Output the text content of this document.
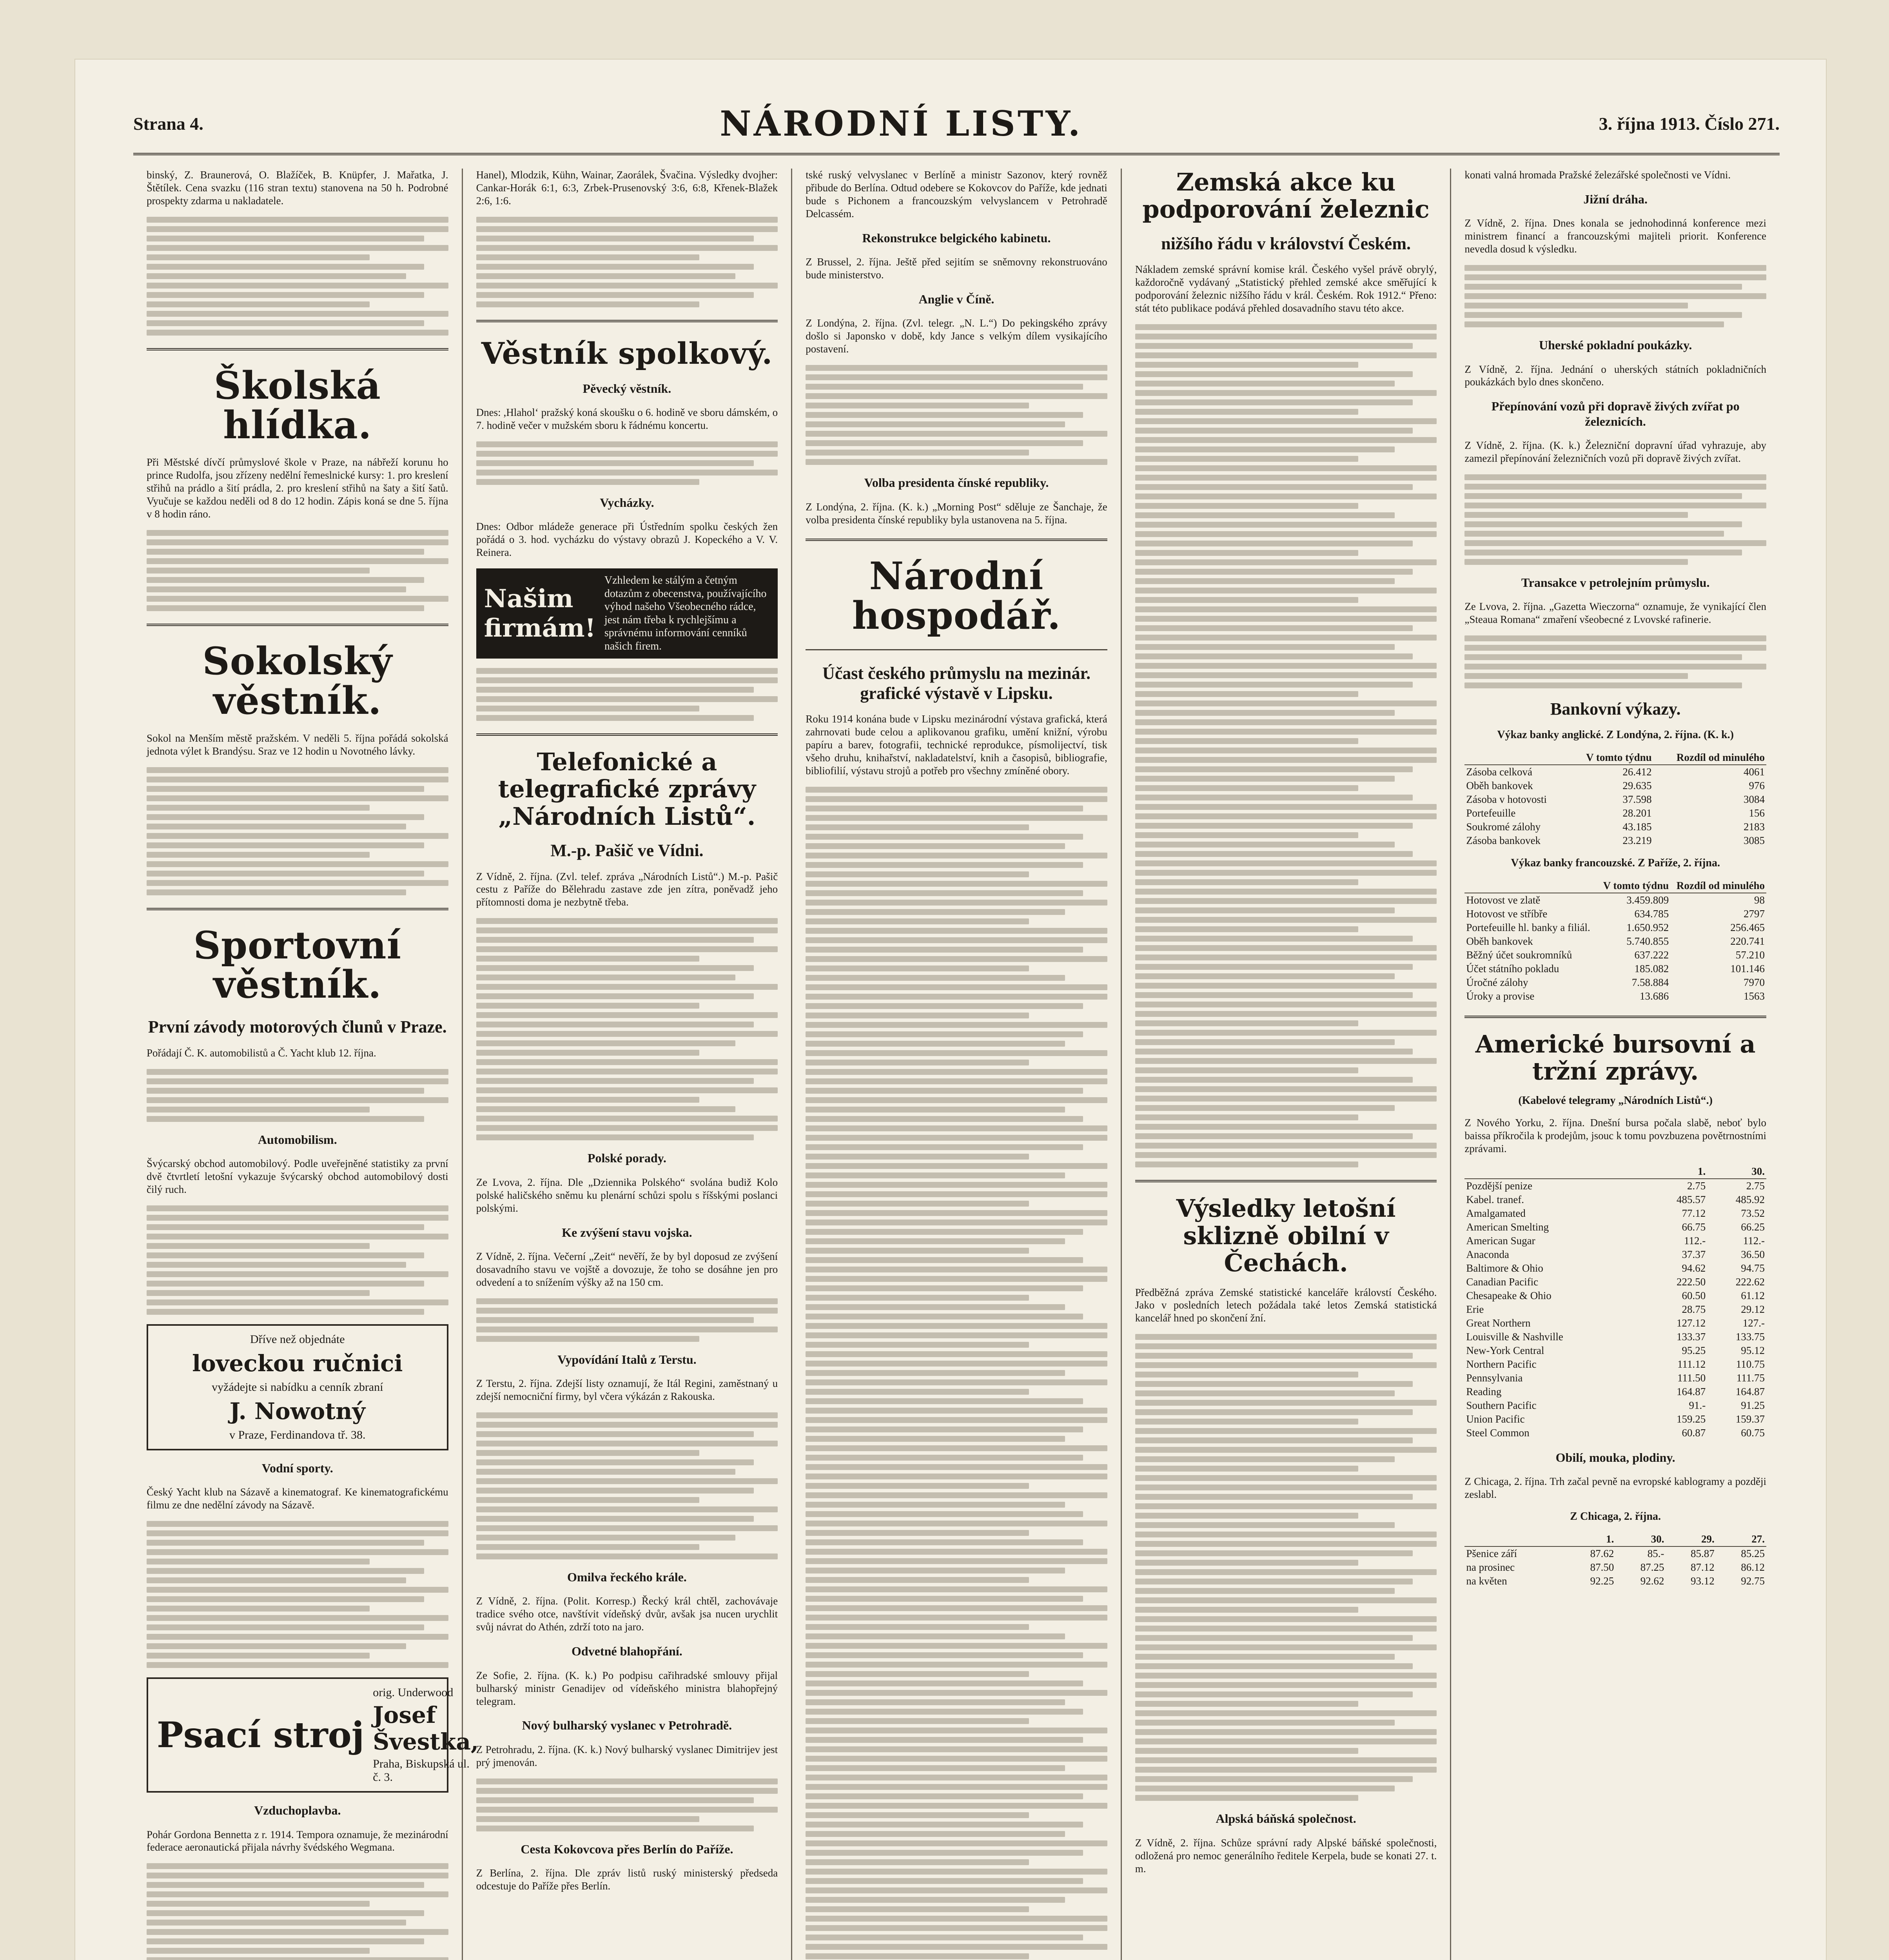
Strana 4.	NÁRODNÍ LISTY.	3. října 1913. Číslo 271.

binský, Z. Braunerová, O. Blažíček, B. Knüpfer, J. Mařatka, J. Štětílek. Cena svazku (116 stran textu) stanovena na 50 h. Podrobné prospekty zdarma u nakladatele.

Školská hlídka.

Při Městské dívčí průmyslové škole v Praze, na nábřeží korunu ho prince Rudolfa, jsou zřízeny nedělní řemeslnické kursy: 1. pro kreslení střihů na prádlo a šití prádla, 2. pro kreslení střihů na šaty a šití šatů. Vyučuje se každou neděli od 8 do 12 hodin. Zápis koná se dne 5. října v 8 hodin ráno.

Sokolský věstník.

Sokol na Menším městě pražském. V neděli 5. října pořádá sokolská jednota výlet k Brandýsu. Sraz ve 12 hodin u Novotného lávky.

Sportovní věstník.
První závody motorových člunů v Praze.

Pořádají Č. K. automobilistů a Č. Yacht klub 12. října.

Automobilism.

Švýcarský obchod automobilový. Podle uveřejněné statistiky za první dvě čtvrtletí letošní vykazuje švýcarský obchod automobilový dosti čilý ruch.

Dříve než objednáte
loveckou ručnici
vyžádejte si nabídku a cenník zbraní
J. Nowotný
v Praze, Ferdinandova tř. 38.
Vodní sporty.

Český Yacht klub na Sázavě a kinematograf. Ke kinematografickému filmu ze dne nedělní závody na Sázavě.

Psací stroj
orig. Underwood
Josef Švestka,
Praha, Biskupská ul. č. 3.
Vzduchoplavba.

Pohár Gordona Bennetta z r. 1914. Tempora oznamuje, že mezinárodní federace aeronautická přijala návrhy švédského Wegmana.

Hanel), Mlodzik, Kühn, Wainar, Zaorálek, Švačina. Výsledky dvojher: Cankar-Horák 6:1, 6:3, Zrbek-Prusenovský 3:6, 6:8, Křenek-Blažek 2:6, 1:6.

Věstník spolkový.
Pěvecký věstník.

Dnes: ,Hlahol‘ pražský koná skoušku o 6. hodině ve sboru dámském, o 7. hodině večer v mužském sboru k řádnému koncertu.

Vycházky.

Dnes: Odbor mládeže generace při Ústředním spolku českých žen pořádá o 3. hod. vycházku do výstavy obrazů J. Kopeckého a V. V. Reinera.

Našim firmám!
Vzhledem ke stálým a četným dotazům z obecenstva, používajícího výhod našeho Všeobecného rádce, jest nám třeba k rychlejšímu a správnému informování cenníků našich firem.
Telefonické a telegrafické zprávy „Národních Listů“.
M.-p. Pašič ve Vídni.

Z Vídně, 2. října. (Zvl. telef. zpráva „Národních Listů“.) M.-p. Pašič cestu z Paříže do Bělehradu zastave zde jen zítra, poněvadž jeho přítomnosti doma je nezbytně třeba.

Polské porady.

Ze Lvova, 2. října. Dle „Dziennika Polského“ svolána budiž Kolo polské haličského sněmu ku plenární schůzi spolu s říšskými poslanci polskými.

Ke zvýšení stavu vojska.

Z Vídně, 2. října. Večerní „Zeit“ nevěří, že by byl doposud ze zvýšení dosavadního stavu ve vojště a dovozuje, že toho se dosáhne jen pro odvedení a to snížením výšky až na 150 cm.

Vypovídání Italů z Terstu.

Z Terstu, 2. října. Zdejší listy oznamují, že Itál Regini, zaměstnaný u zdejší nemocniční firmy, byl včera výkázán z Rakouska.

Omilva řeckého krále.

Z Vídně, 2. října. (Polit. Korresp.) Řecký král chtěl, zachovávaje tradice svého otce, navštívit vídeňský dvůr, avšak jsa nucen urychlit svůj návrat do Athén, zdrží toto na jaro.

Odvetné blahopřání.

Ze Sofie, 2. října. (K. k.) Po podpisu cařihradské smlouvy přijal bulharský ministr Genadijev od vídeňského ministra blahopřejný telegram.

Nový bulharský vyslanec v Petrohradě.

Z Petrohradu, 2. října. (K. k.) Nový bulharský vyslanec Dimitrijev jest prý jmenován.

Cesta Kokovcova přes Berlín do Paříže.

Z Berlína, 2. října. Dle zpráv listů ruský ministerský předseda odcestuje do Paříže přes Berlín.

tské ruský velvyslanec v Berlíně a ministr Sazonov, který rovněž přibude do Berlína. Odtud odebere se Kokovcov do Paříže, kde jednati bude s Pichonem a francouzským velvyslancem v Petrohradě Delcassém.

Rekonstrukce belgického kabinetu.

Z Brussel, 2. října. Ještě před sejitím se sněmovny rekonstruováno bude ministerstvo.

Anglie v Číně.

Z Londýna, 2. října. (Zvl. telegr. „N. L.“) Do pekingského zprávy došlo si Japonsko v době, kdy Jance s velkým dílem vysikajícího postavení.

Volba presidenta čínské republiky.

Z Londýna, 2. října. (K. k.) „Morning Post“ sděluje ze Šanchaje, že volba presidenta čínské republiky byla ustanovena na 5. října.

Národní hospodář.
Účast českého průmyslu na mezinár. grafické výstavě v Lipsku.

Roku 1914 konána bude v Lipsku mezinárodní výstava grafická, která zahrnovati bude celou a aplikovanou grafiku, umění knižní, výrobu papíru a barev, fotografii, technické reprodukce, písmolijectví, tisk všeho druhu, knihařství, nakladatelství, knih a časopisů, bibliografie, bibliofilií, výstavu strojů a potřeb pro všechny zmíněné obory.

Zemská akce ku podporování železnic
nižšího řádu v království Českém.

Nákladem zemské správní komise král. Českého vyšel právě obrylý, každoročně vydávaný „Statistický přehled zemské akce směřující k podporování železnic nižšího řádu v král. Českém. Rok 1912.“ Přeno: stát této publikace podává přehled dosavadního stavu této akce.

Výsledky letošní sklizně obilní v Čechách.

Předběžná zpráva Zemské statistické kanceláře královstí Českého. Jako v posledních letech požádala také letos Zemská statistická kancelář hned po skončení žní.

Alpská báňská společnost.

Z Vídně, 2. října. Schůze správní rady Alpské báňské společnosti, odložená pro nemoc generálního ředitele Kerpela, bude se konati 27. t. m.

konati valná hromada Pražské železářské společnosti ve Vídni.

Jižní dráha.

Z Vídně, 2. října. Dnes konala se jednohodinná konference mezi ministrem financí a francouzskými majiteli priorit. Konference nevedla dosud k výsledku.

Uherské pokladní poukázky.

Z Vídně, 2. října. Jednání o uherských státních pokladničních poukázkách bylo dnes skončeno.

Přepínování vozů při dopravě živých zvířat po železnicích.

Z Vídně, 2. října. (K. k.) Železniční dopravní úřad vyhrazuje, aby zamezil přepínování železničních vozů při dopravě živých zvířat.

Transakce v petrolejním průmyslu.

Ze Lvova, 2. října. „Gazetta Wieczorna“ oznamuje, že vynikající člen „Steaua Romana“ zmaření všeobecné z Lvovské rafinerie.

Bankovní výkazy.
Výkaz banky anglické. Z Londýna, 2. října. (K. k.)
	V tomto týdnu	Rozdíl od minulého
Zásoba celková	26.412	4061
Oběh bankovek	29.635	976
Zásoba v hotovosti	37.598	3084
Portefeuille	28.201	156
Soukromé zálohy	43.185	2183
Zásoba bankovek	23.219	3085
Výkaz banky francouzské. Z Paříže, 2. října.
	V tomto týdnu	Rozdíl od minulého
Hotovost ve zlatě	3.459.809	98
Hotovost ve stříbře	634.785	2797
Portefeuille hl. banky a filiál.	1.650.952	256.465
Oběh bankovek	5.740.855	220.741
Běžný účet soukromníků	637.222	57.210
Účet státního pokladu	185.082	101.146
Úročné zálohy	7.58.884	7970
Úroky a provise	13.686	1563
Americké bursovní a tržní zprávy.
(Kabelové telegramy „Národních Listů“.)

Z Nového Yorku, 2. října. Dnešní bursa počala slabě, neboť bylo baissa příkročila k prodejům, jsouc k tomu povzbuzena povětrnostními zprávami.

	1.	30.
Pozdější penize	2.75	2.75
Kabel. tranef.	485.57	485.92
Amalgamated	77.12	73.52
American Smelting	66.75	66.25
American Sugar	112.-	112.-
Anaconda	37.37	36.50
Baltimore & Ohio	94.62	94.75
Canadian Pacific	222.50	222.62
Chesapeake & Ohio	60.50	61.12
Erie	28.75	29.12
Great Northern	127.12	127.-
Louisville & Nashville	133.37	133.75
New-York Central	95.25	95.12
Northern Pacific	111.12	110.75
Pennsylvania	111.50	111.75
Reading	164.87	164.87
Southern Pacific	91.-	91.25
Union Pacific	159.25	159.37
Steel Common	60.87	60.75
Obilí, mouka, plodiny.

Z Chicaga, 2. října. Trh začal pevně na evropské kablogramy a později zeslabl.

Z Chicaga, 2. října.
	1.	30.	29.	27.
Pšenice září	87.62	85.-	85.87	85.25
na prosinec	87.50	87.25	87.12	86.12
na květen	92.25	92.62	93.12	92.75
